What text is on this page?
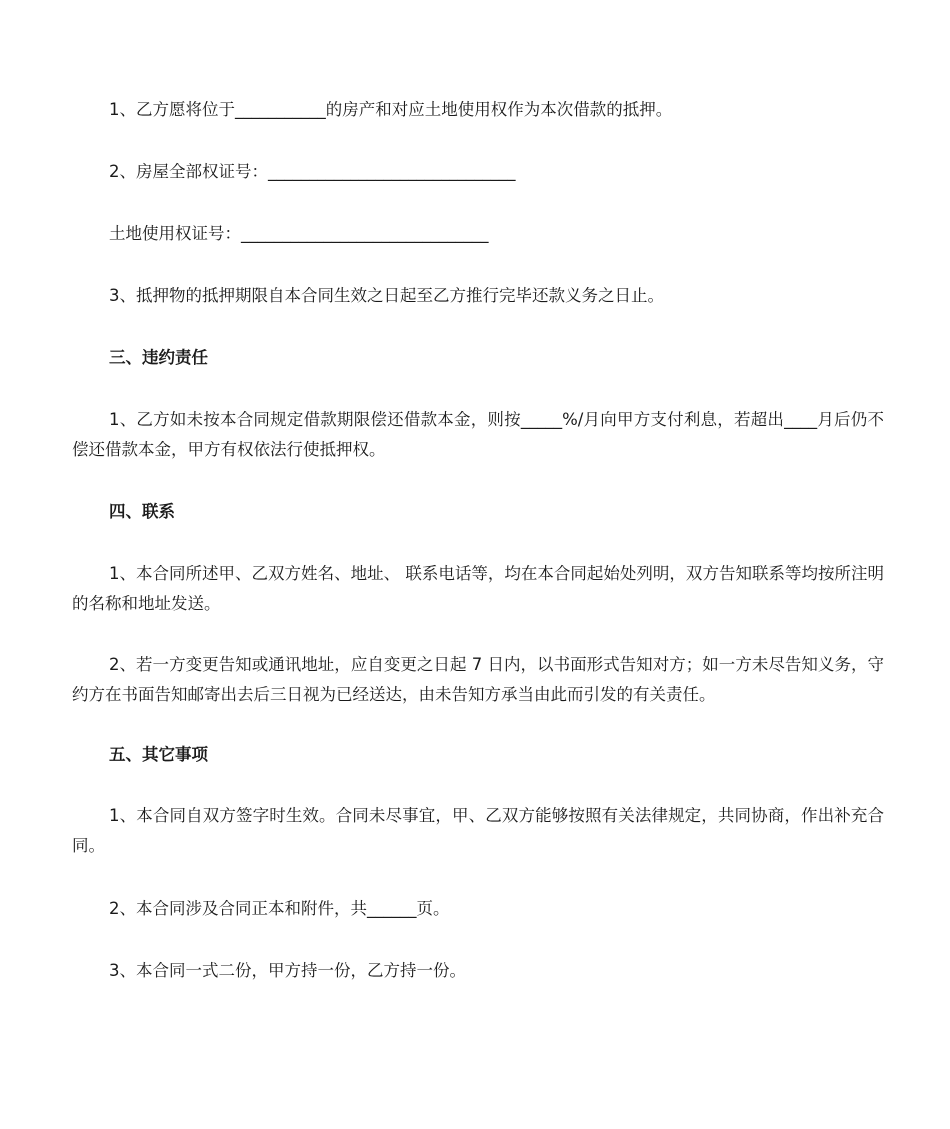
1、乙方愿将位于___________的房产和对应土地使用权作为本次借款的抵押。

2、房屋全部权证号：______________________________

土地使用权证号：______________________________

3、抵押物的抵押期限自本合同生效之日起至乙方推行完毕还款义务之日止。

三、违约责任

1、乙方如未按本合同规定借款期限偿还借款本金，则按_____%/月向甲方支付利息，若超出____月后仍不偿还借款本金，甲方有权依法行使抵押权。

四、联系

1、本合同所述甲、乙双方姓名、地址、 联系电话等，均在本合同起始处列明，双方告知联系等均按所注明的名称和地址发送。

2、若一方变更告知或通讯地址，应自变更之日起 7 日内，以书面形式告知对方；如一方未尽告知义务，守约方在书面告知邮寄出去后三日视为已经送达，由未告知方承当由此而引发的有关责任。

五、其它事项

1、本合同自双方签字时生效。合同未尽事宜，甲、乙双方能够按照有关法律规定，共同协商，作出补充合同。

2、本合同涉及合同正本和附件，共______页。

3、本合同一式二份，甲方持一份，乙方持一份。
